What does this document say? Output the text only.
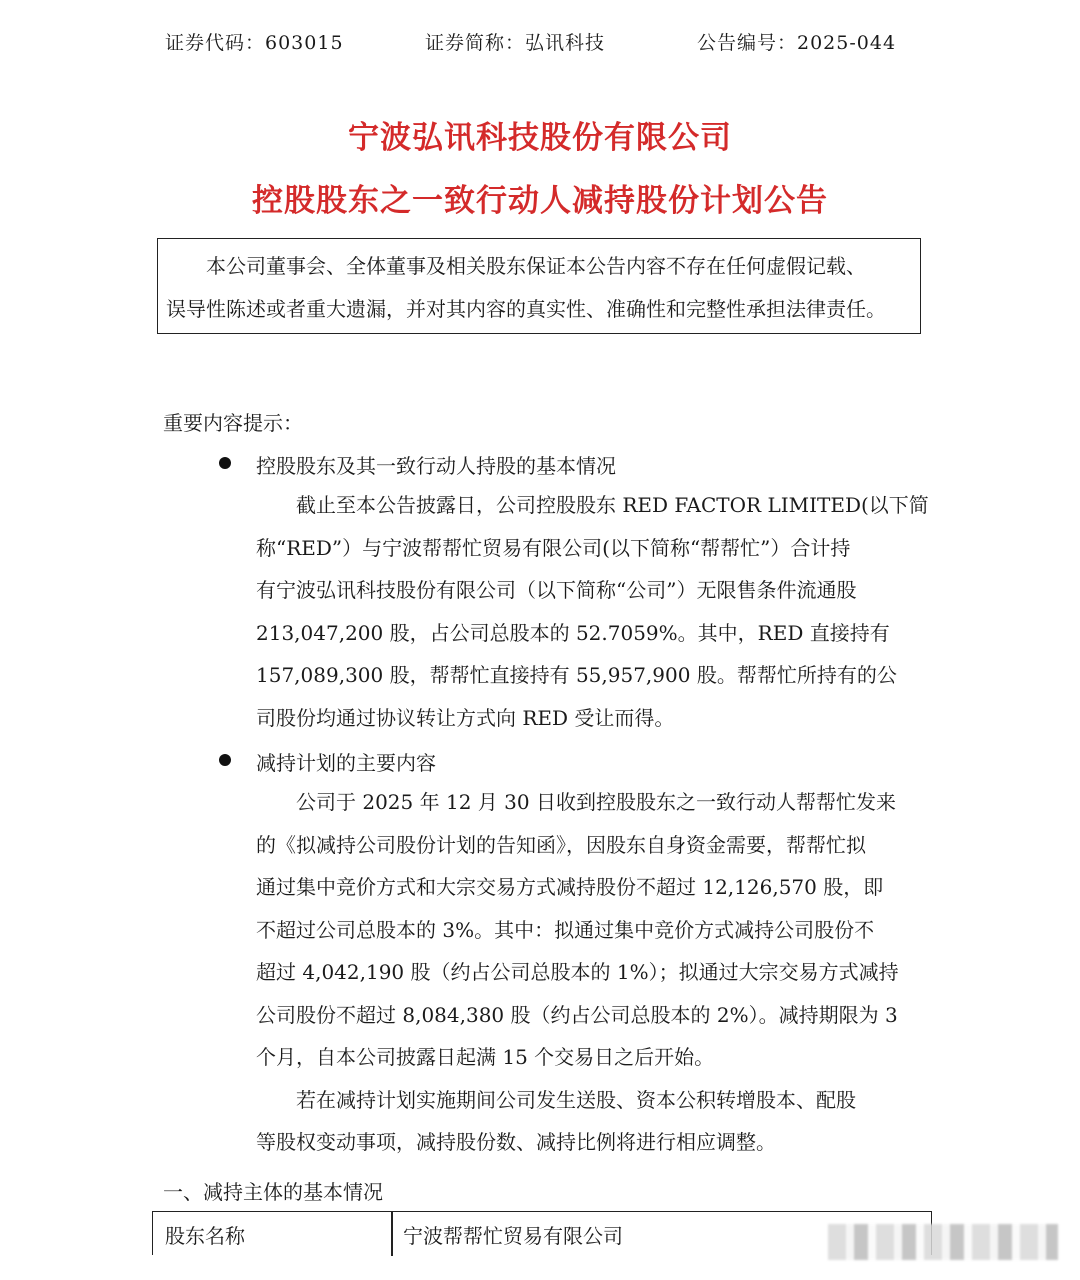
证券代码：603015	证券简称：弘讯科技	公告编号：2025-044
宁波弘讯科技股份有限公司
控股股东之一致行动人减持股份计划公告

本公司董事会、全体董事及相关股东保证本公告内容不存在任何虚假记载、

误导性陈述或者重大遗漏，并对其内容的真实性、准确性和完整性承担法律责任。

重要内容提示：
控股股东及其一致行动人持股的基本情况

截止至本公告披露日，公司控股股东 RED FACTOR LIMITED(以下简

称“RED”）与宁波帮帮忙贸易有限公司(以下简称“帮帮忙”）合计持

有宁波弘讯科技股份有限公司（以下简称“公司”）无限售条件流通股

213,047,200 股，占公司总股本的 52.7059%。其中，RED 直接持有

157,089,300 股，帮帮忙直接持有 55,957,900 股。帮帮忙所持有的公

司股份均通过协议转让方式向 RED 受让而得。

减持计划的主要内容

公司于 2025 年 12 月 30 日收到控股股东之一致行动人帮帮忙发来

的《拟减持公司股份计划的告知函》，因股东自身资金需要，帮帮忙拟

通过集中竞价方式和大宗交易方式减持股份不超过 12,126,570 股，即

不超过公司总股本的 3%。其中：拟通过集中竞价方式减持公司股份不

超过 4,042,190 股（约占公司总股本的 1%）；拟通过大宗交易方式减持

公司股份不超过 8,084,380 股（约占公司总股本的 2%）。减持期限为 3

个月，自本公司披露日起满 15 个交易日之后开始。

若在减持计划实施期间公司发生送股、资本公积转增股本、配股

等股权变动事项，减持股份数、减持比例将进行相应调整。

一、减持主体的基本情况
股东名称	宁波帮帮忙贸易有限公司
